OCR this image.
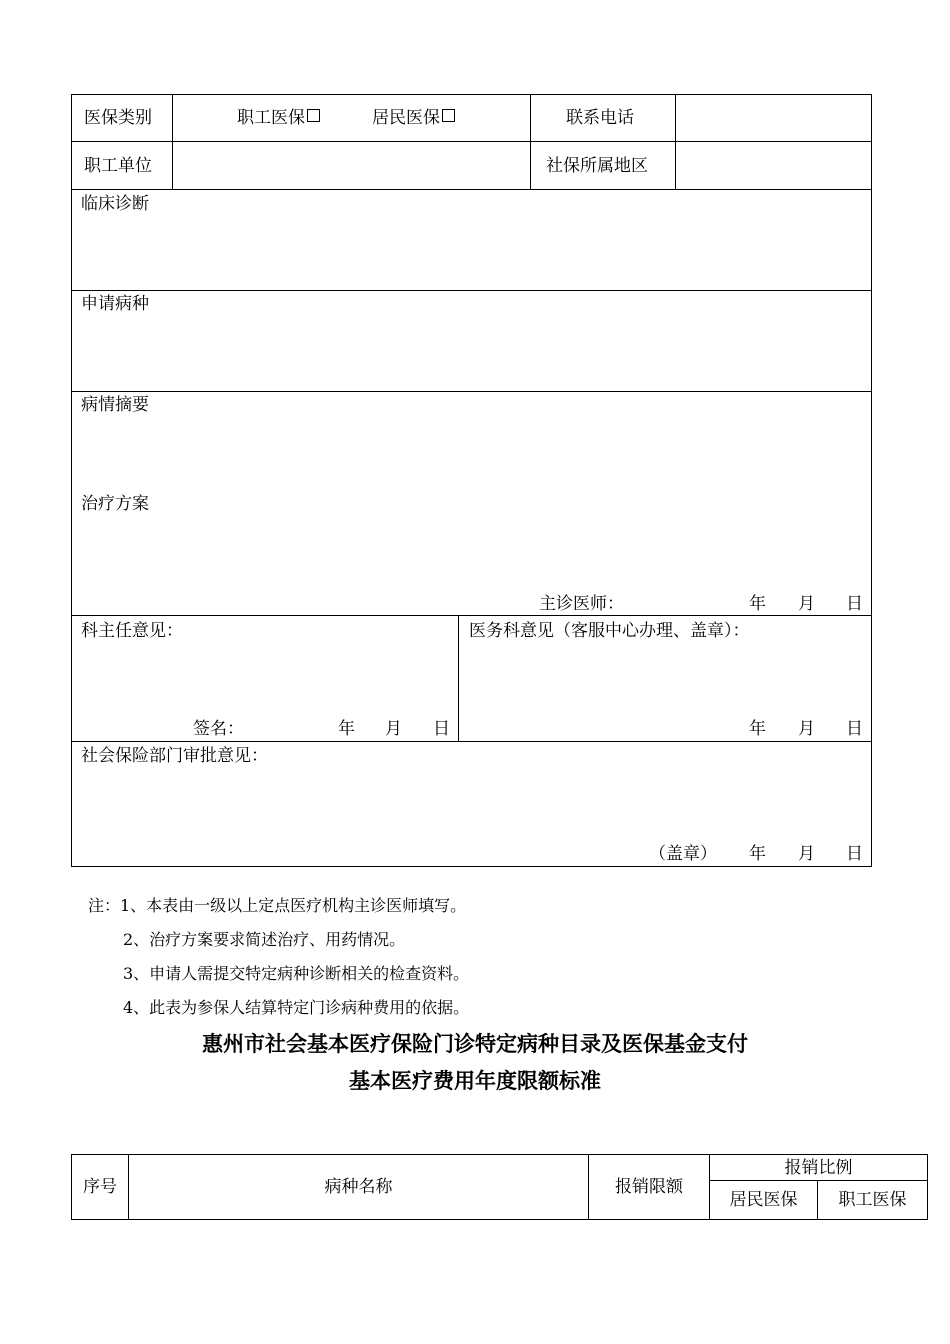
医保类别	职工医保	居民医保	联系电话
职工单位	社保所属地区
临床诊断
申请病种
病情摘要
治疗方案
主诊医师：	年 月 日
科主任意见：
签名：	年 月 日
医务科意见（客服中心办理、盖章）：
年 月 日
社会保险部门审批意见：
（盖章） 年 月 日
注：1、本表由一级以上定点医疗机构主诊医师填写。
2、治疗方案要求简述治疗、用药情况。
3、申请人需提交特定病种诊断相关的检查资料。
4、此表为参保人结算特定门诊病种费用的依据。
惠州市社会基本医疗保险门诊特定病种目录及医保基金支付
基本医疗费用年度限额标准
序号	病种名称	报销限额
报销比例
居民医保	职工医保
